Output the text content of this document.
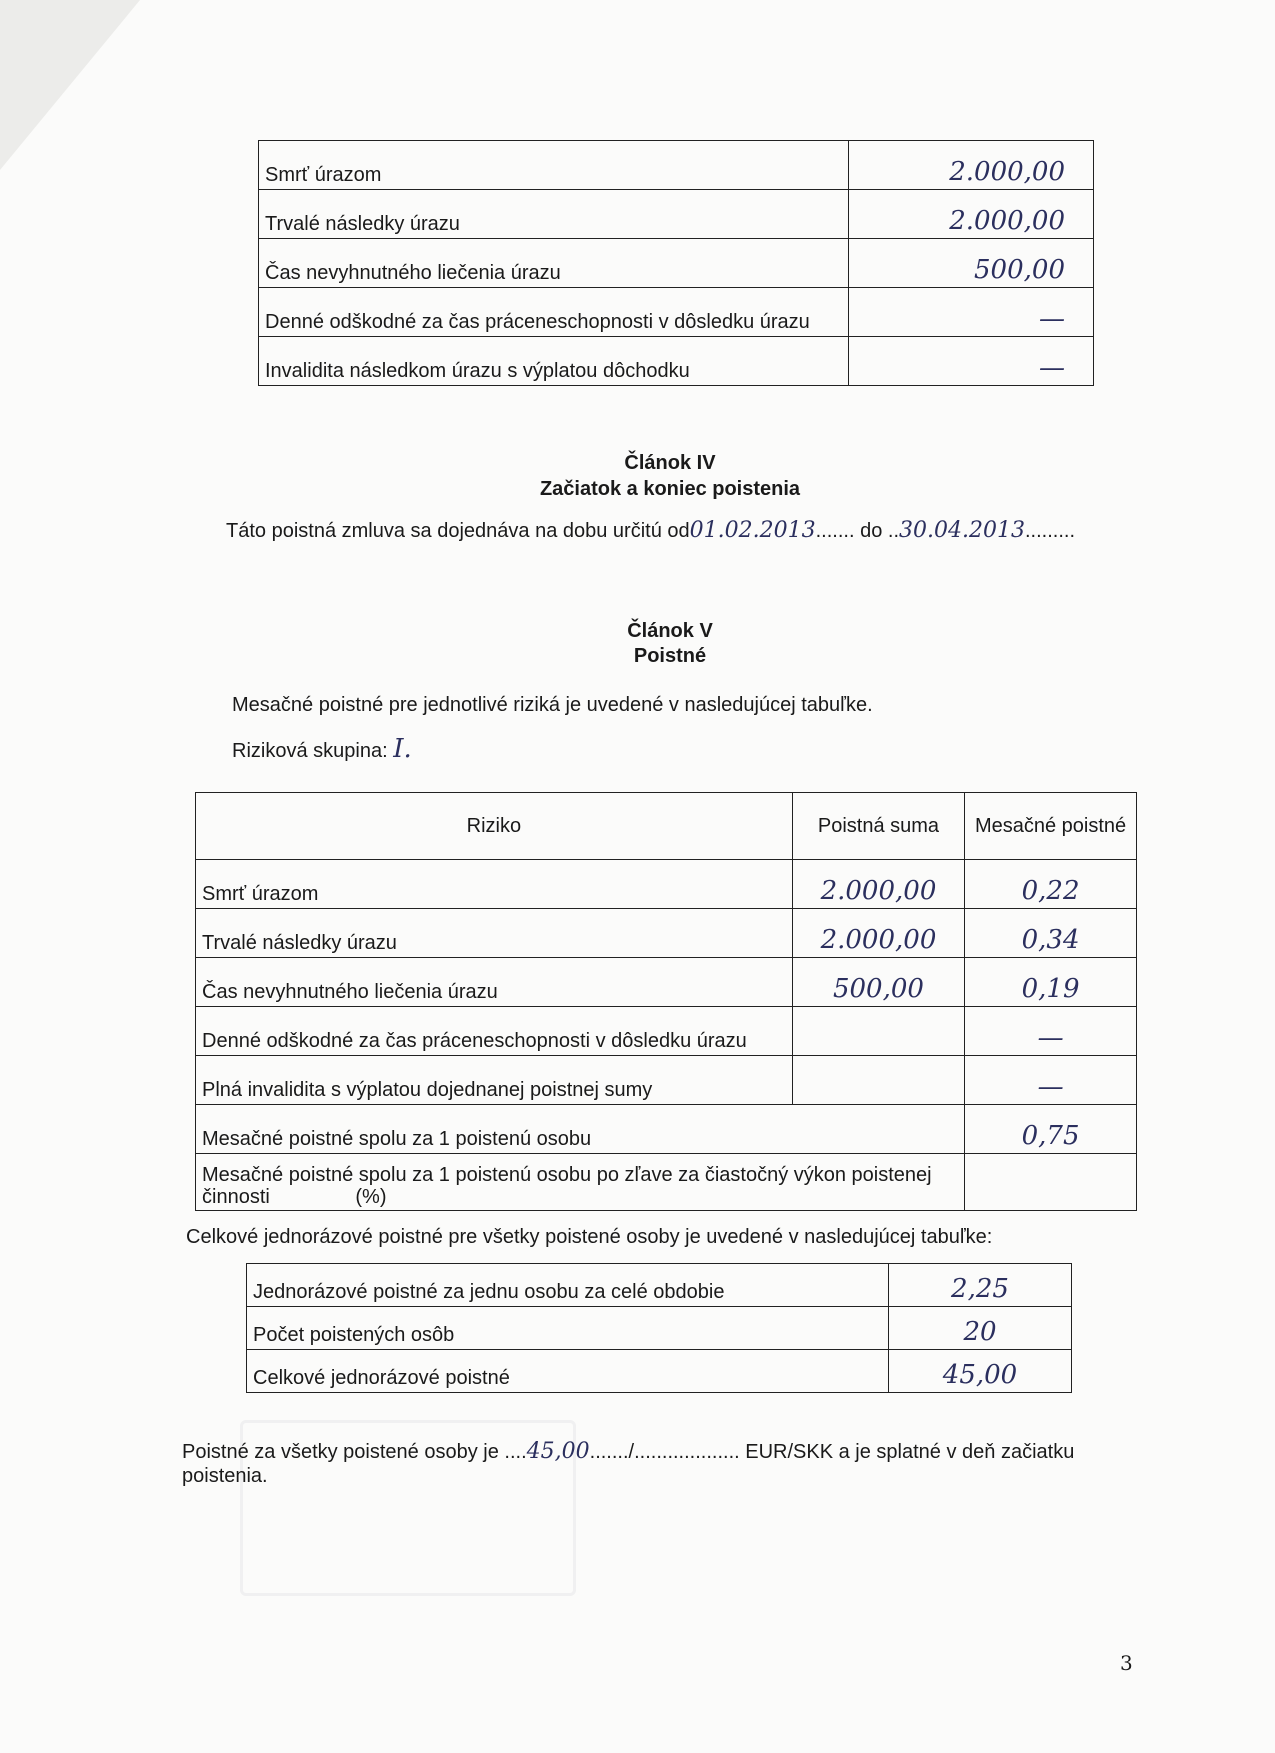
Smrť úrazom	2.000,00
Trvalé následky úrazu	2.000,00
Čas nevyhnutného liečenia úrazu	500,00
Denné odškodné za čas práceneschopnosti v dôsledku úrazu	—
Invalidita následkom úrazu s výplatou dôchodku	—
Článok IV
Začiatok a koniec poistenia
Táto poistná zmluva sa dojednáva na dobu určitú od01.02.2013....... do ..30.04.2013.........
Článok V
Poistné
Mesačné poistné pre jednotlivé riziká je uvedené v nasledujúcej tabuľke.
Riziková skupina: I.
Riziko	Poistná suma	Mesačné poistné
Smrť úrazom	2.000,00	0,22
Trvalé následky úrazu	2.000,00	0,34
Čas nevyhnutného liečenia úrazu	500,00	0,19
Denné odškodné za čas práceneschopnosti v dôsledku úrazu		—
Plná invalidita s výplatou dojednanej poistnej sumy		—
Mesačné poistné spolu za 1 poistenú osobu		0,75
Mesačné poistné spolu za 1 poistenú osobu po zľave za čiastočný výkon poistenej činnosti (%)		
Celkové jednorázové poistné pre všetky poistené osoby je uvedené v nasledujúcej tabuľke:
Jednorázové poistné za jednu osobu za celé obdobie	2,25
Počet poistených osôb	20
Celkové jednorázové poistné	45,00
Poistné za všetky poistené osoby je ....45,00......./................... EUR/SKK a je splatné v deň začiatku poistenia.
3
